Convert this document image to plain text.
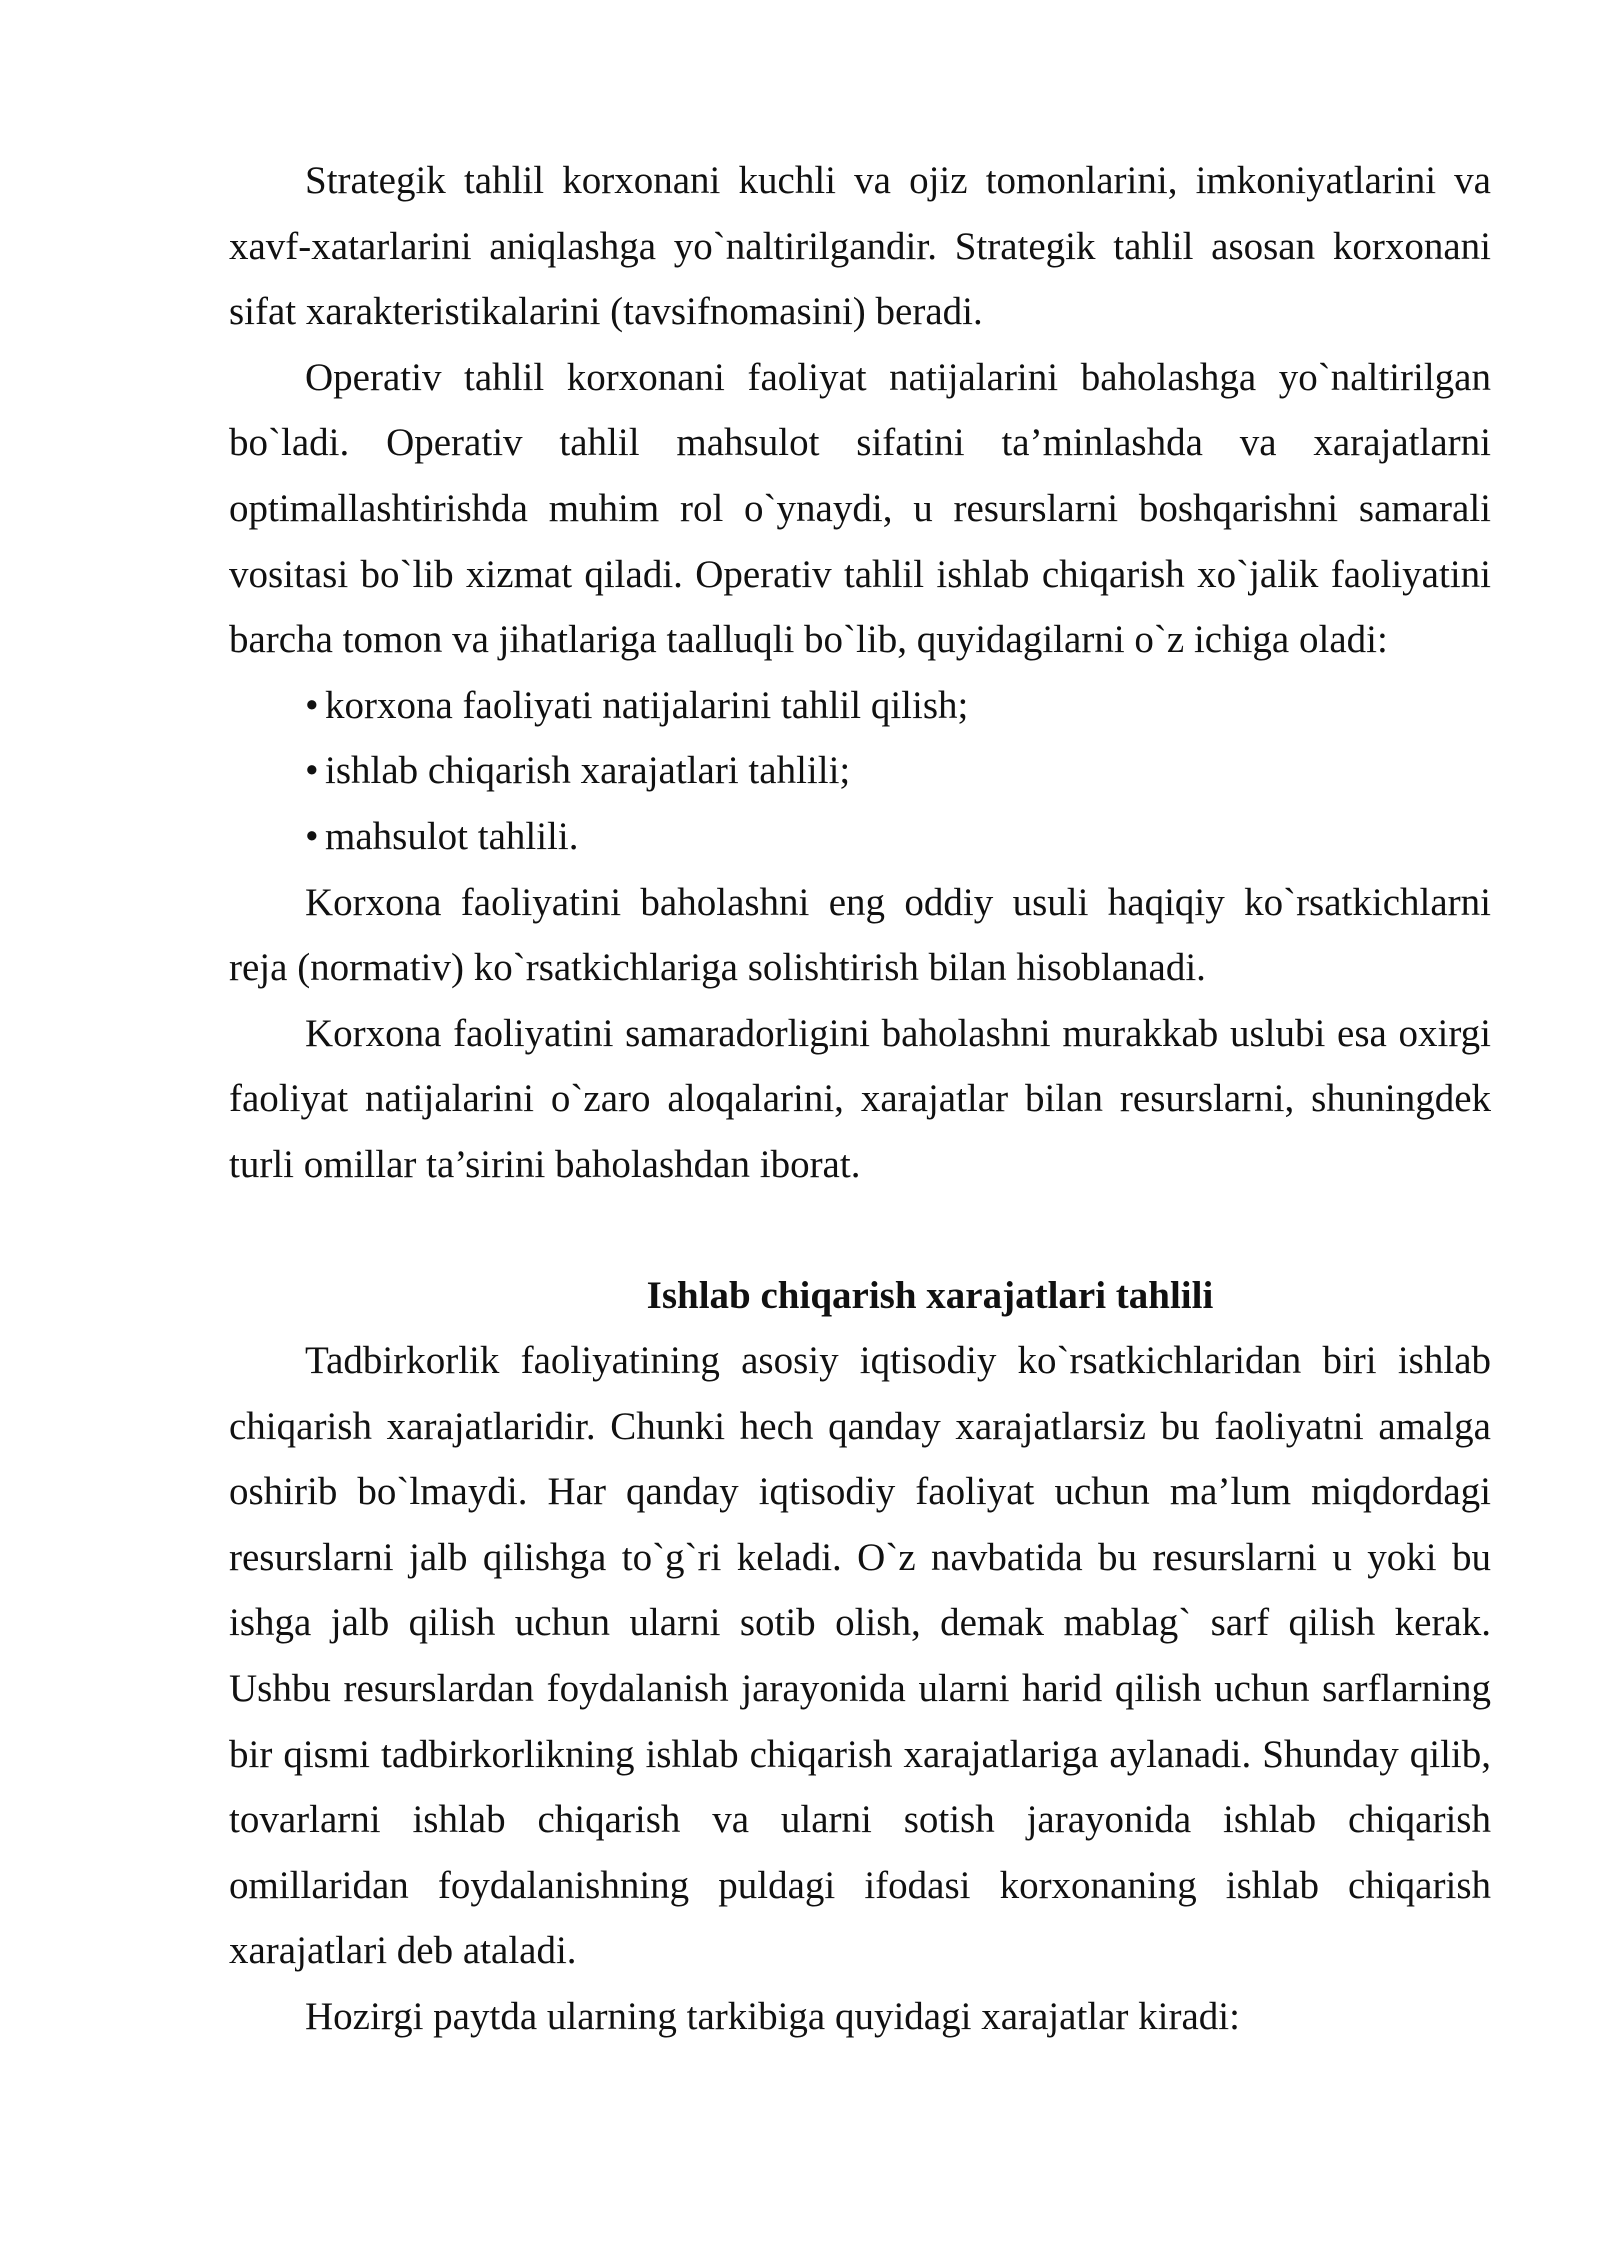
Strategik tahlil korxonani kuchli va ojiz tomonlarini, imkoniyatlarini va xavf-xatarlarini aniqlashga yo`naltirilgandir. Strategik tahlil asosan korxonani sifat xarakteristikalarini (tavsifnomasini) beradi.

Operativ tahlil korxonani faoliyat natijalarini baholashga yo`naltirilgan bo`ladi. Operativ tahlil mahsulot sifatini ta’minlashda va xarajatlarni optimallashtirishda muhim rol o`ynaydi, u resurslarni boshqarishni samarali vositasi bo`lib xizmat qiladi. Operativ tahlil ishlab chiqarish xo`jalik faoliyatini barcha tomon va jihatlariga taalluqli bo`lib, quyidagilarni o`z ichiga oladi:

• korxona faoliyati natijalarini tahlil qilish;
• ishlab chiqarish xarajatlari tahlili;
• mahsulot tahlili.

Korxona faoliyatini baholashni eng oddiy usuli haqiqiy ko`rsatkichlarni reja (normativ) ko`rsatkichlariga solishtirish bilan hisoblanadi.

Korxona faoliyatini samaradorligini baholashni murakkab uslubi esa oxirgi faoliyat natijalarini o`zaro aloqalarini, xarajatlar bilan resurslarni, shuningdek turli omillar ta’sirini baholashdan iborat.

Ishlab chiqarish xarajatlari tahlili

Tadbirkorlik faoliyatining asosiy iqtisodiy ko`rsatkichlaridan biri ishlab chiqarish xarajatlaridir. Chunki hech qanday xarajatlarsiz bu faoliyatni amalga oshirib bo`lmaydi. Har qanday iqtisodiy faoliyat uchun ma’lum miqdordagi resurslarni jalb qilishga to`g`ri keladi. O`z navbatida bu resurslarni u yoki bu ishga jalb qilish uchun ularni sotib olish, demak mablag` sarf qilish kerak. Ushbu resurslardan foydalanish jarayonida ularni harid qilish uchun sarflarning bir qismi tadbirkorlikning ishlab chiqarish xarajatlariga aylanadi. Shunday qilib, tovarlarni ishlab chiqarish va ularni sotish jarayonida ishlab chiqarish omillaridan foydalanishning puldagi ifodasi korxonaning ishlab chiqarish xarajatlari deb ataladi.

Hozirgi paytda ularning tarkibiga quyidagi xarajatlar kiradi:
